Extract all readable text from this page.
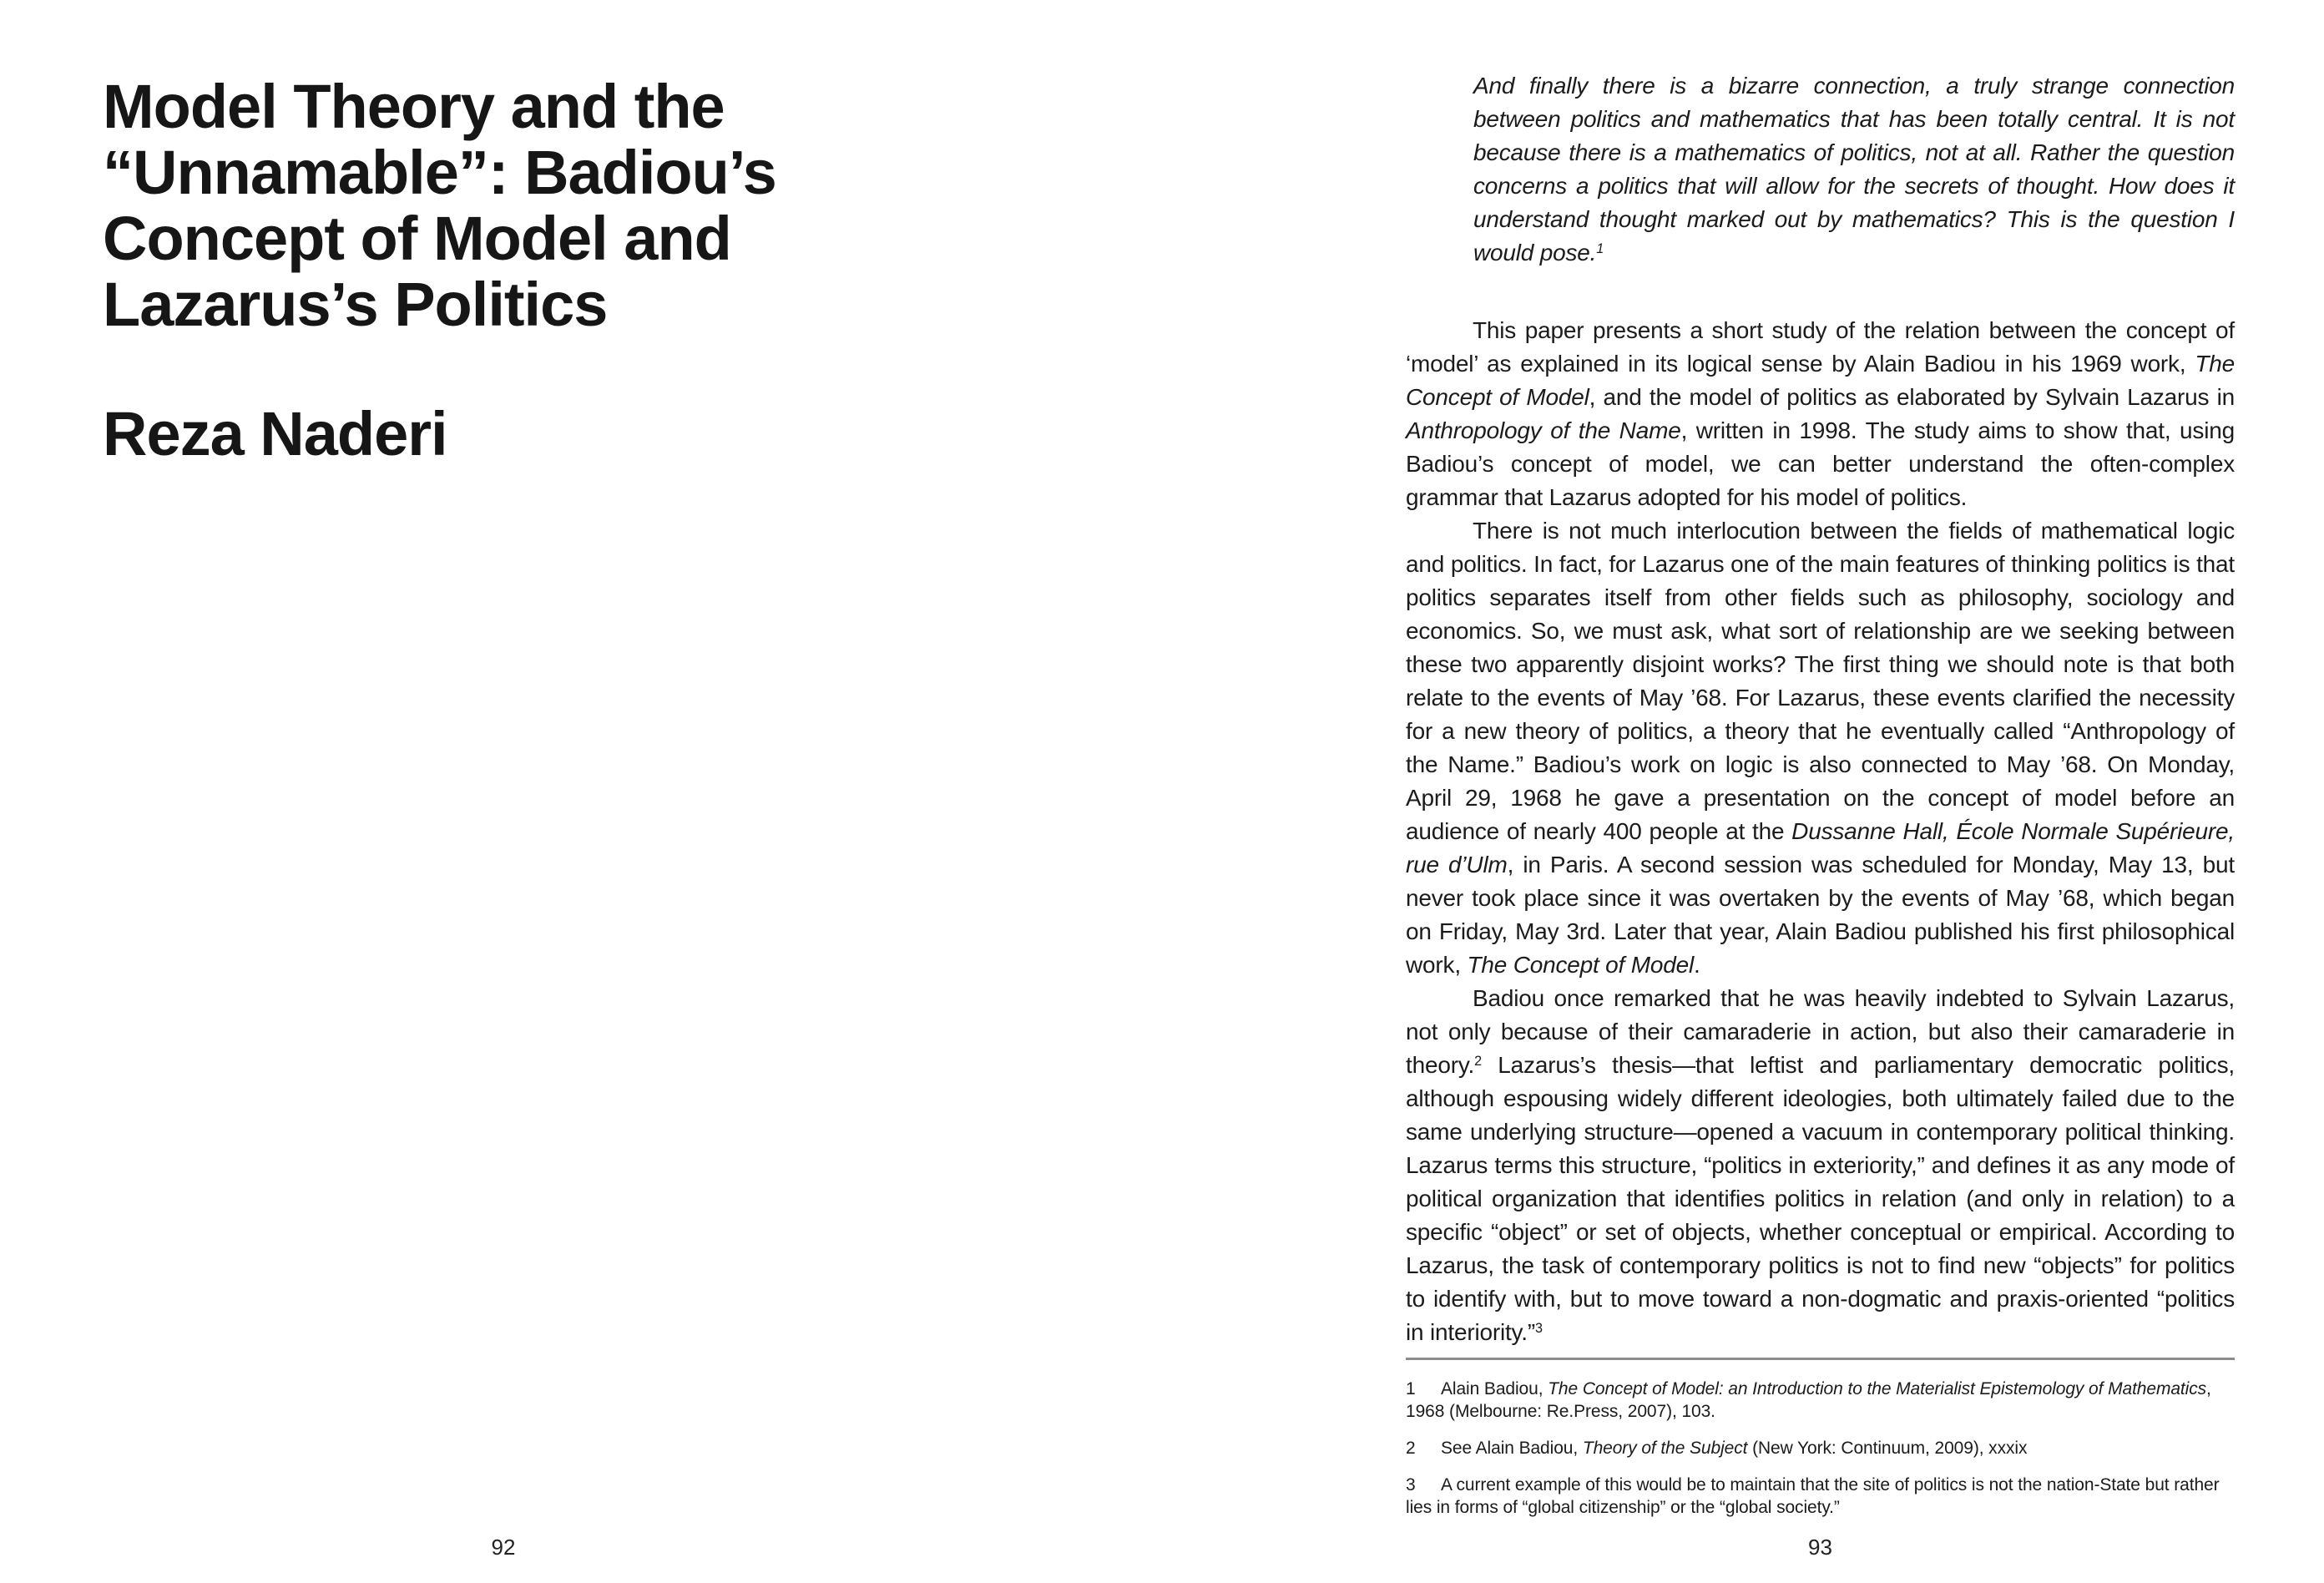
Model Theory and the
“Unnamable”: Badiou’s
Concept of Model and
Lazarus’s Politics
Reza Naderi
92
And finally there is a bizarre connection, a truly strange connection between politics and mathematics that has been totally central. It is not because there is a mathematics of politics, not at all. Rather the question concerns a politics that will allow for the secrets of thought. How does it understand thought marked out by mathematics? This is the question I would pose.$^1$

This paper presents a short study of the relation between the concept of ‘model’ as explained in its logical sense by Alain Badiou in his 1969 work, The Concept of Model, and the model of politics as elaborated by Sylvain Lazarus in Anthropology of the Name, written in 1998. The study aims to show that, using Badiou’s concept of model, we can better understand the often-complex grammar that Lazarus adopted for his model of politics.

There is not much interlocution between the fields of mathematical logic and politics. In fact, for Lazarus one of the main features of thinking politics is that politics separates itself from other fields such as philosophy, sociology and economics. So, we must ask, what sort of relationship are we seeking between these two apparently disjoint works? The first thing we should note is that both relate to the events of May ’68. For Lazarus, these events clarified the necessity for a new theory of politics, a theory that he eventually called “Anthropology of the Name.” Badiou’s work on logic is also connected to May ’68. On Monday, April 29, 1968 he gave a presentation on the concept of model before an audience of nearly 400 people at the Dussanne Hall, École Normale Supérieure, rue d’Ulm, in Paris. A second session was scheduled for Monday, May 13, but never took place since it was overtaken by the events of May ’68, which began on Friday, May 3rd. Later that year, Alain Badiou published his first philosophical work, The Concept of Model.

Badiou once remarked that he was heavily indebted to Sylvain Lazarus, not only because of their camaraderie in action, but also their camaraderie in theory.$^2$ Lazarus’s thesis—that leftist and parliamentary democratic politics, although espousing widely different ideologies, both ultimately failed due to the same underlying structure—opened a vacuum in contemporary political thinking. Lazarus terms this structure, “politics in exteriority,” and defines it as any mode of political organization that identifies politics in relation (and only in relation) to a specific “object” or set of objects, whether conceptual or empirical. According to Lazarus, the task of contemporary politics is not to find new “objects” for politics to identify with, but to move toward a non-dogmatic and praxis-oriented “politics in interiority.”$^3$

1	Alain Badiou, The Concept of Model: an Introduction to the Materialist Epistemology of Mathematics, 1968 (Melbourne: Re.Press, 2007), 103.
2	See Alain Badiou, Theory of the Subject (New York: Continuum, 2009), xxxix
3	A current example of this would be to maintain that the site of politics is not the nation-State but rather lies in forms of “global citizenship” or the “global society.”
93
